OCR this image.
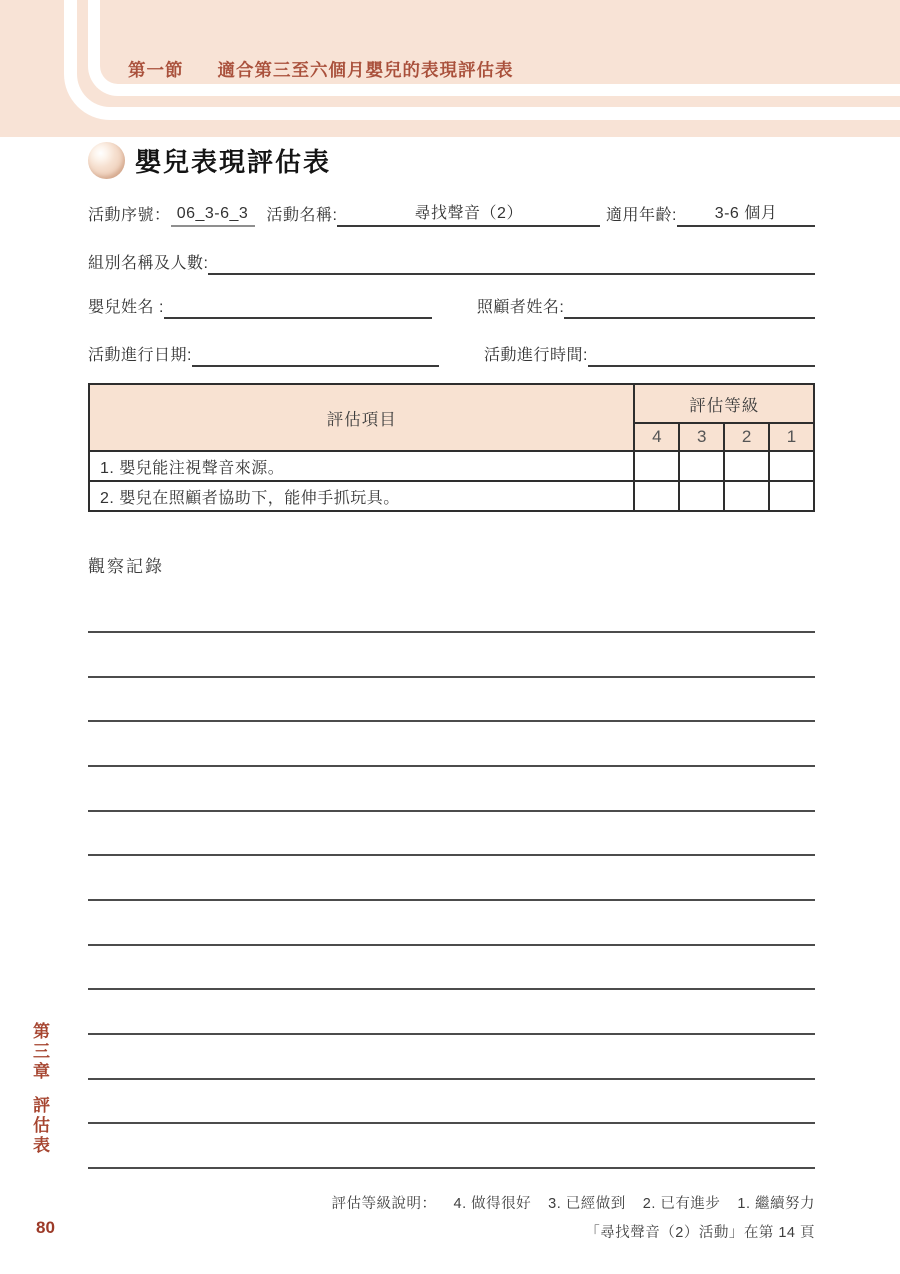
第一節 適合第三至六個月嬰兒的表現評估表
嬰兒表現評估表
活動序號： 06_3-6_3	活動名稱:	尋找聲音（2）	適用年齡:	3-6 個月
組別名稱及人數:
嬰兒姓名 :	照顧者姓名:
活動進行日期:	活動進行時間:
評估項目	評估等級			
	4	3	2	1
1. 嬰兒能注視聲音來源。				
2. 嬰兒在照顧者協助下，能伸手抓玩具。				
觀察記錄
第三章
評估表
評估等級說明： 4. 做得很好 3. 已經做到 2. 已有進步 1. 繼續努力
「尋找聲音（2）活動」在第 14 頁
80
